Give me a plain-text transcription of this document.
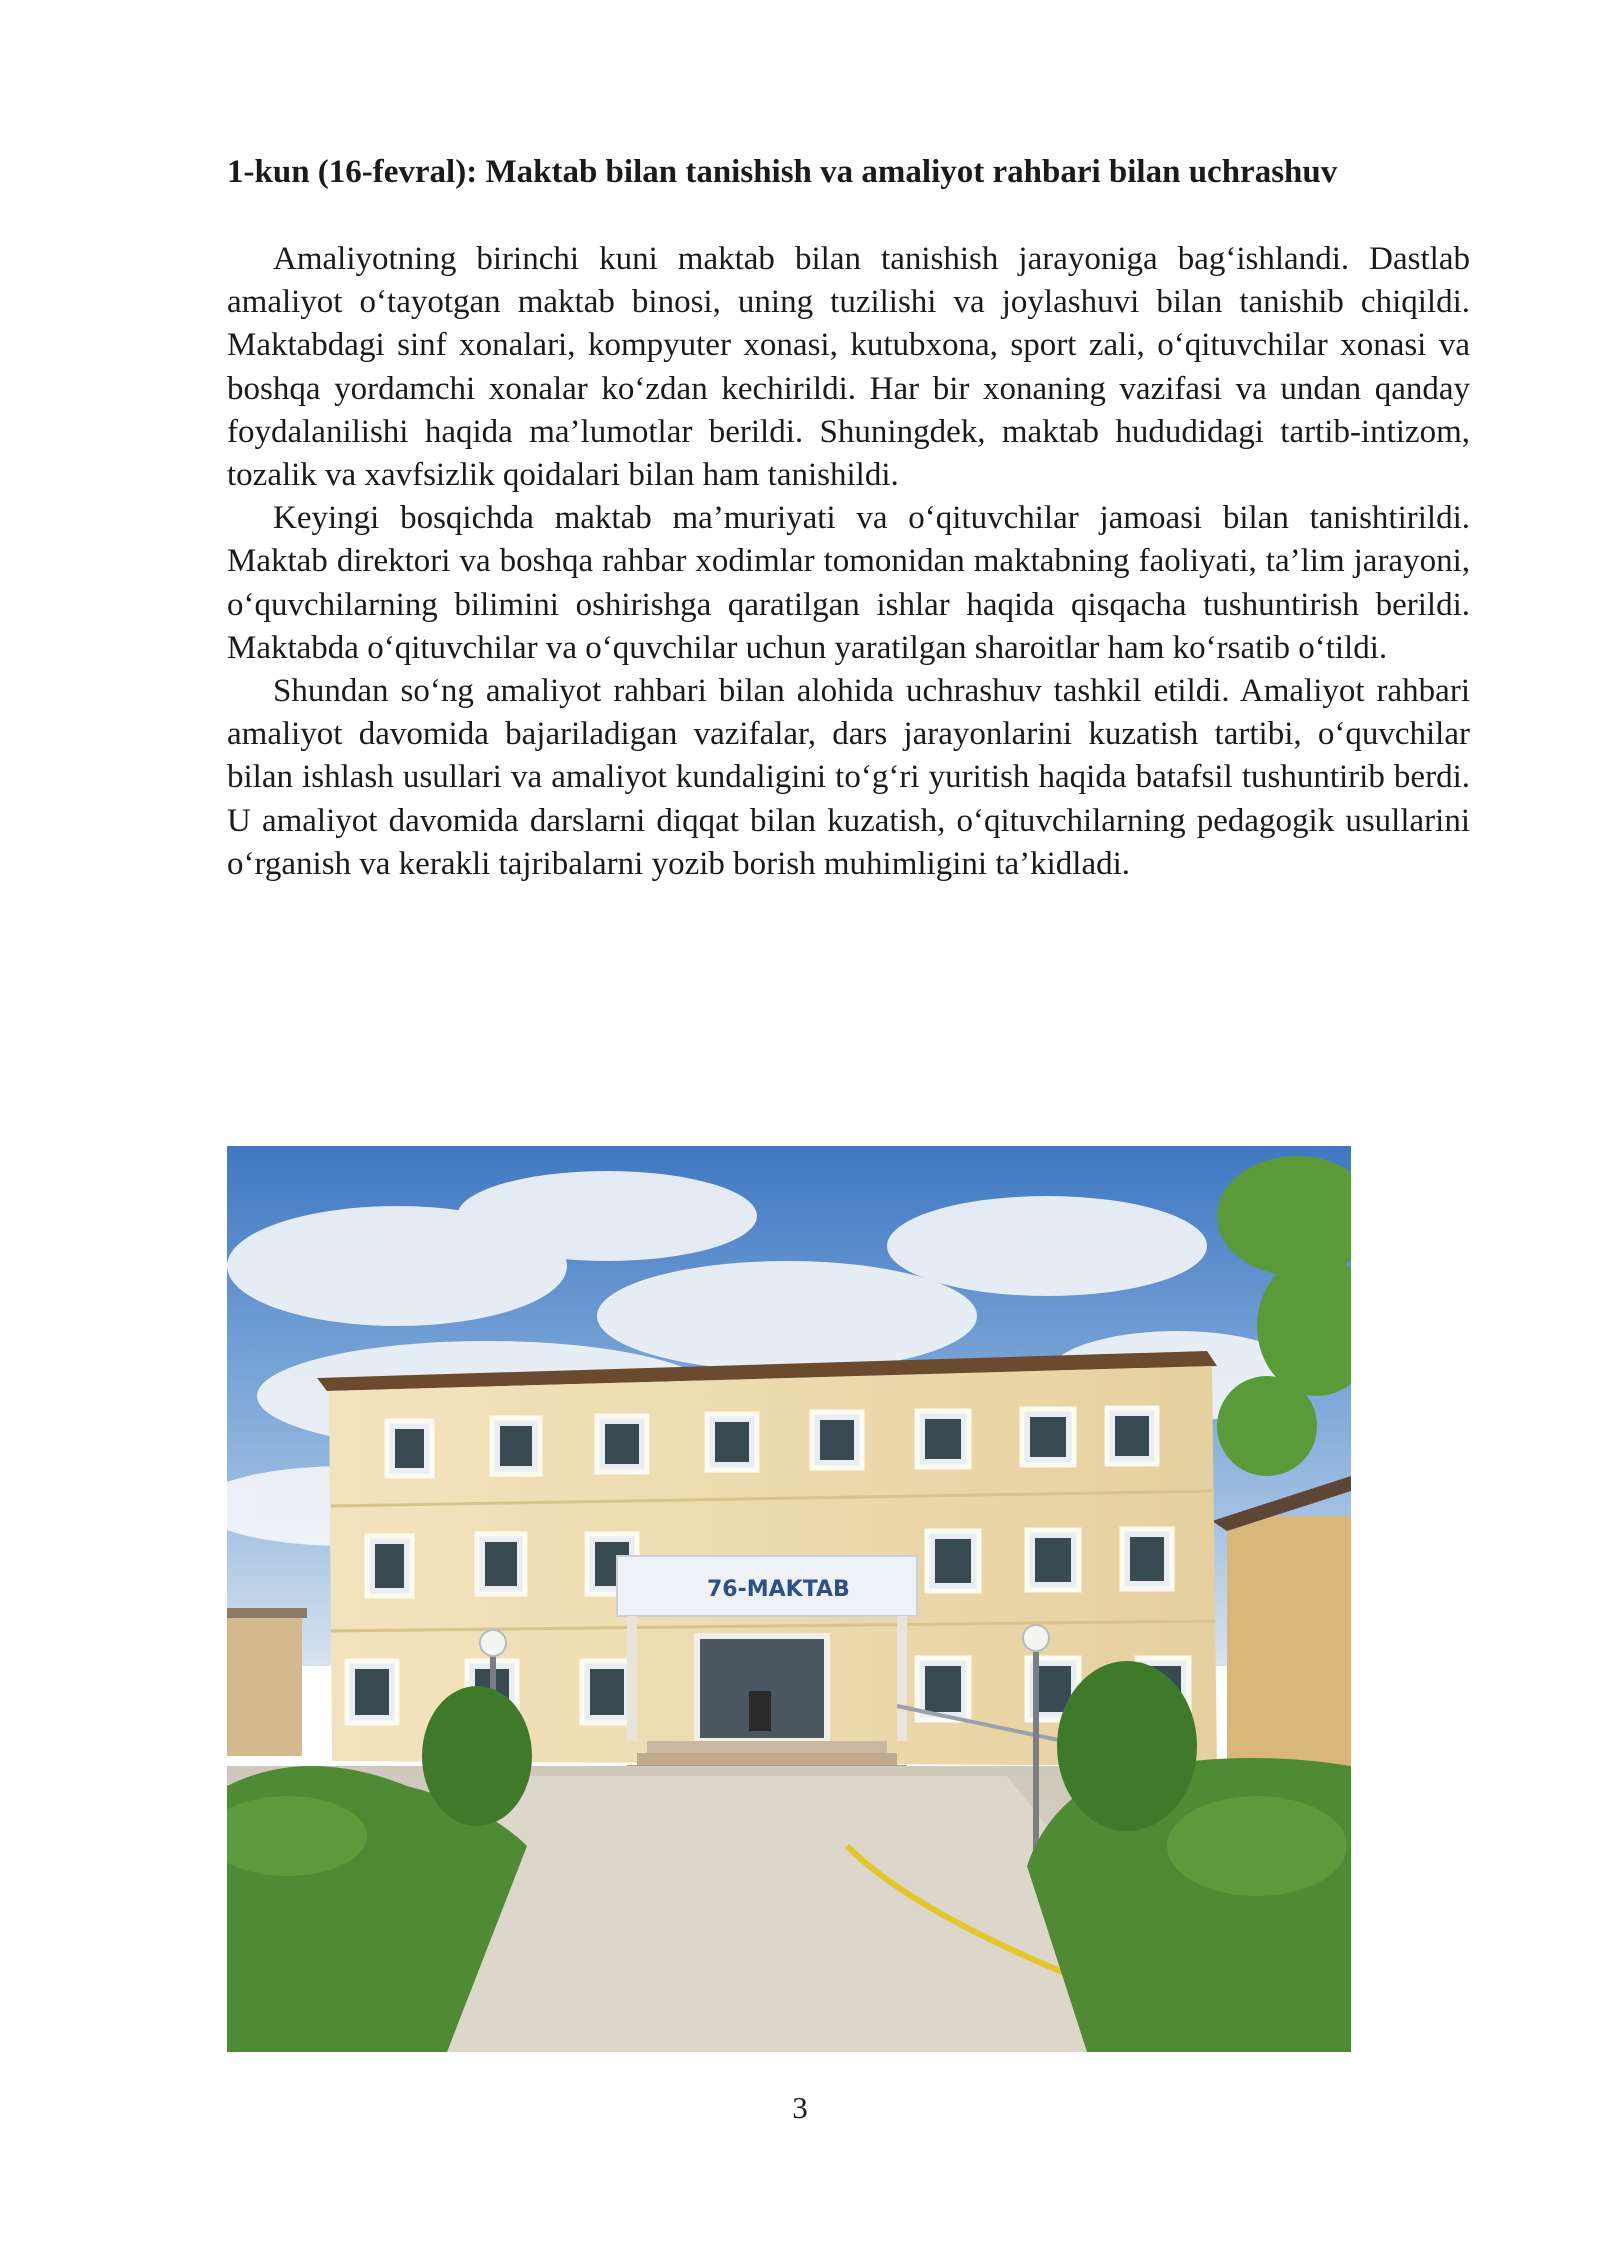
1-kun (16-fevral): Maktab bilan tanishish va amaliyot rahbari bilan uchrashuv

Amaliyotning birinchi kuni maktab bilan tanishish jarayoniga bag‘ishlandi. Dastlab amaliyot o‘tayotgan maktab binosi, uning tuzilishi va joylashuvi bilan tanishib chiqildi. Maktabdagi sinf xonalari, kompyuter xonasi, kutubxona, sport zali, o‘qituvchilar xonasi va boshqa yordamchi xonalar ko‘zdan kechirildi. Har bir xonaning vazifasi va undan qanday foydalanilishi haqida ma’lumotlar berildi. Shuningdek, maktab hududidagi tartib-intizom, tozalik va xavfsizlik qoidalari bilan ham tanishildi.

Keyingi bosqichda maktab ma’muriyati va o‘qituvchilar jamoasi bilan tanishtirildi. Maktab direktori va boshqa rahbar xodimlar tomonidan maktabning faoliyati, ta’lim jarayoni, o‘quvchilarning bilimini oshirishga qaratilgan ishlar haqida qisqacha tushuntirish berildi. Maktabda o‘qituvchilar va o‘quvchilar uchun yaratilgan sharoitlar ham ko‘rsatib o‘tildi.

Shundan so‘ng amaliyot rahbari bilan alohida uchrashuv tashkil etildi. Amaliyot rahbari amaliyot davomida bajariladigan vazifalar, dars jarayonlarini kuzatish tartibi, o‘quvchilar bilan ishlash usullari va amaliyot kundaligini to‘g‘ri yuritish haqida batafsil tushuntirib berdi. U amaliyot davomida darslarni diqqat bilan kuzatish, o‘qituvchilarning pedagogik usullarini o‘rganish va kerakli tajribalarni yozib borish muhimligini ta’kidladi.

76-MAKTAB
3
